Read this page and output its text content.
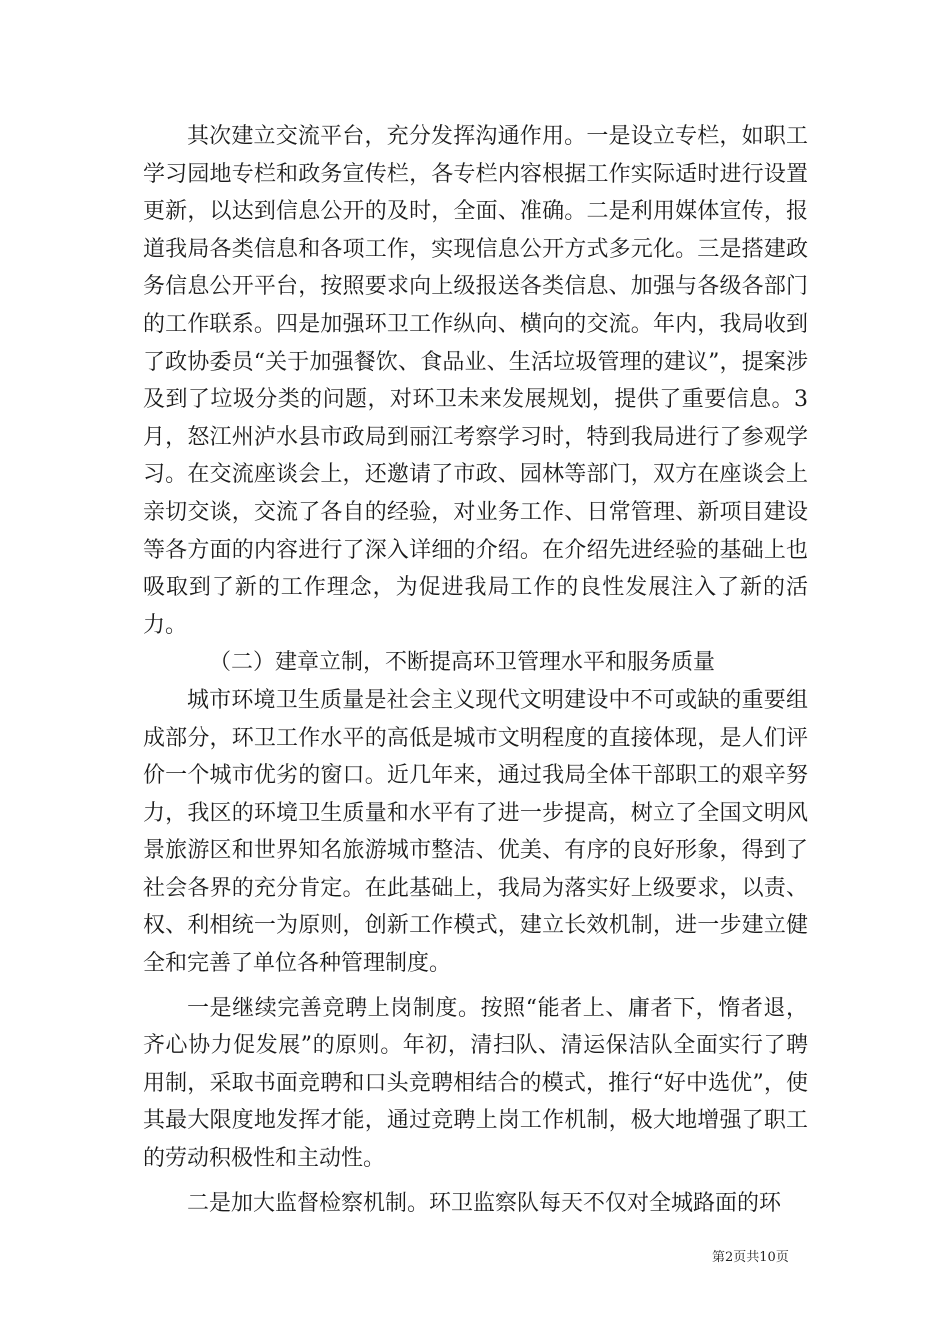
其次建立交流平台，充分发挥沟通作用。一是设立专栏，如职工学习园地专栏和政务宣传栏，各专栏内容根据工作实际适时进行设置更新，以达到信息公开的及时，全面、准确。二是利用媒体宣传，报道我局各类信息和各项工作，实现信息公开方式多元化。三是搭建政务信息公开平台，按照要求向上级报送各类信息、加强与各级各部门的工作联系。四是加强环卫工作纵向、横向的交流。年内，我局收到了政协委员“关于加强餐饮、食品业、生活垃圾管理的建议”，提案涉及到了垃圾分类的问题，对环卫未来发展规划，提供了重要信息。3月，怒江州泸水县市政局到丽江考察学习时，特到我局进行了参观学习。在交流座谈会上，还邀请了市政、园林等部门，双方在座谈会上亲切交谈，交流了各自的经验，对业务工作、日常管理、新项目建设等各方面的内容进行了深入详细的介绍。在介绍先进经验的基础上也吸取到了新的工作理念，为促进我局工作的良性发展注入了新的活力。

（二）建章立制，不断提高环卫管理水平和服务质量

城市环境卫生质量是社会主义现代文明建设中不可或缺的重要组成部分，环卫工作水平的高低是城市文明程度的直接体现，是人们评价一个城市优劣的窗口。近几年来，通过我局全体干部职工的艰辛努力，我区的环境卫生质量和水平有了进一步提高，树立了全国文明风景旅游区和世界知名旅游城市整洁、优美、有序的良好形象，得到了社会各界的充分肯定。在此基础上，我局为落实好上级要求，以责、权、利相统一为原则，创新工作模式，建立长效机制，进一步建立健全和完善了单位各种管理制度。

一是继续完善竞聘上岗制度。按照“能者上、庸者下，惰者退，齐心协力促发展”的原则。年初，清扫队、清运保洁队全面实行了聘用制，采取书面竞聘和口头竞聘相结合的模式，推行“好中选优”，使其最大限度地发挥才能，通过竞聘上岗工作机制，极大地增强了职工的劳动积极性和主动性。

二是加大监督检察机制。环卫监察队每天不仅对全城路面的环

第2页共10页
